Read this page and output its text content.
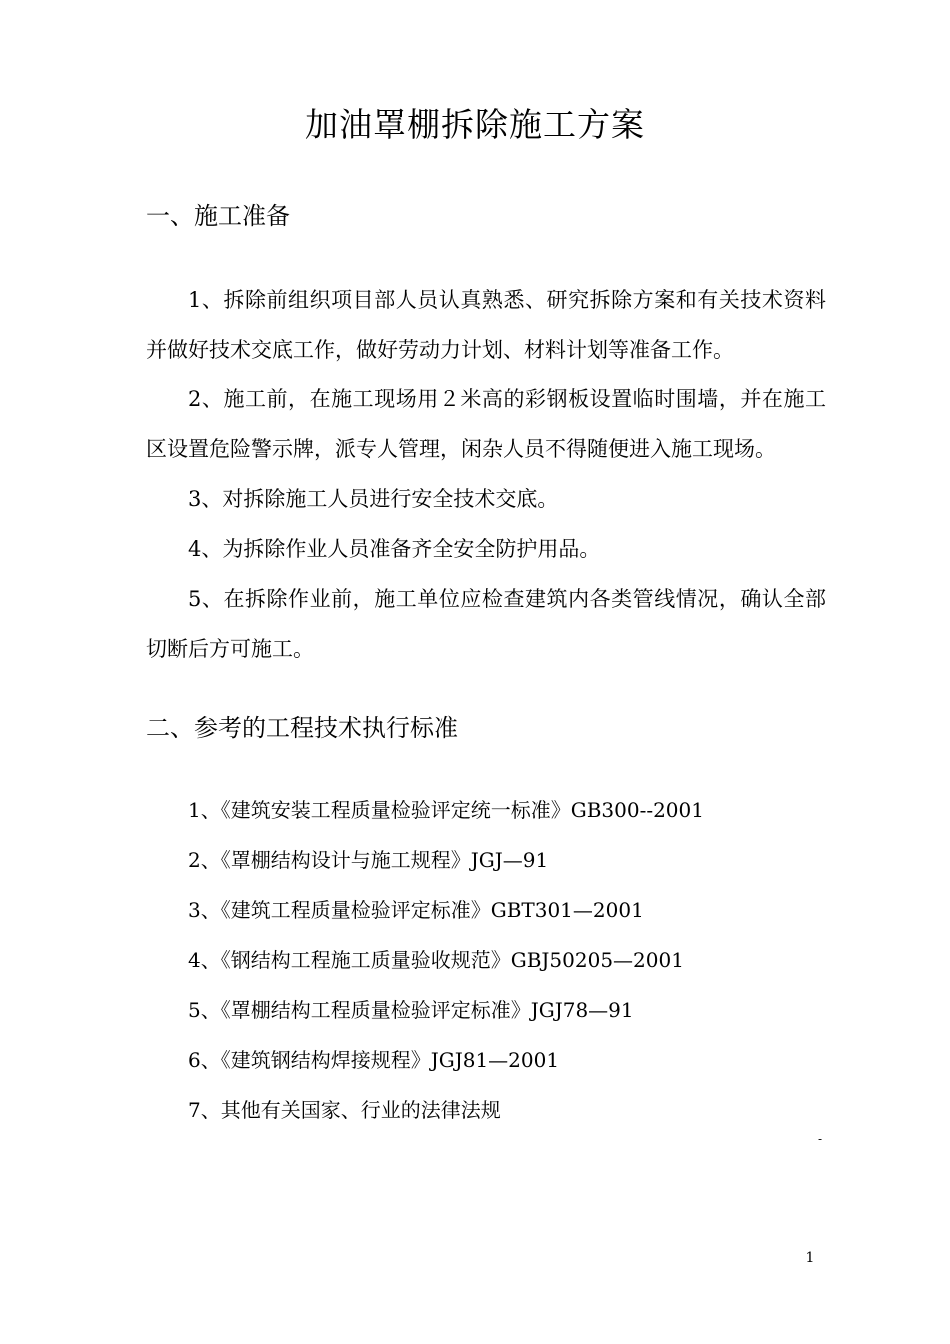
加油罩棚拆除施工方案
一、施工准备

1、拆除前组织项目部人员认真熟悉、研究拆除方案和有关技术资料并做好技术交底工作，做好劳动力计划、材料计划等准备工作。

2、施工前，在施工现场用２米高的彩钢板设置临时围墙，并在施工区设置危险警示牌，派专人管理，闲杂人员不得随便进入施工现场。

3、对拆除施工人员进行安全技术交底。

4、为拆除作业人员准备齐全安全防护用品。

5、在拆除作业前，施工单位应检查建筑内各类管线情况，确认全部切断后方可施工。

二、参考的工程技术执行标准
1、《建筑安装工程质量检验评定统一标准》GB300--2001
2、《罩棚结构设计与施工规程》JGJ—91
3、《建筑工程质量检验评定标准》GBT301—2001
4、《钢结构工程施工质量验收规范》GBJ50205—2001
5、《罩棚结构工程质量检验评定标准》JGJ78—91
6、《建筑钢结构焊接规程》JGJ81—2001
7、其他有关国家、行业的法律法规
-
1
